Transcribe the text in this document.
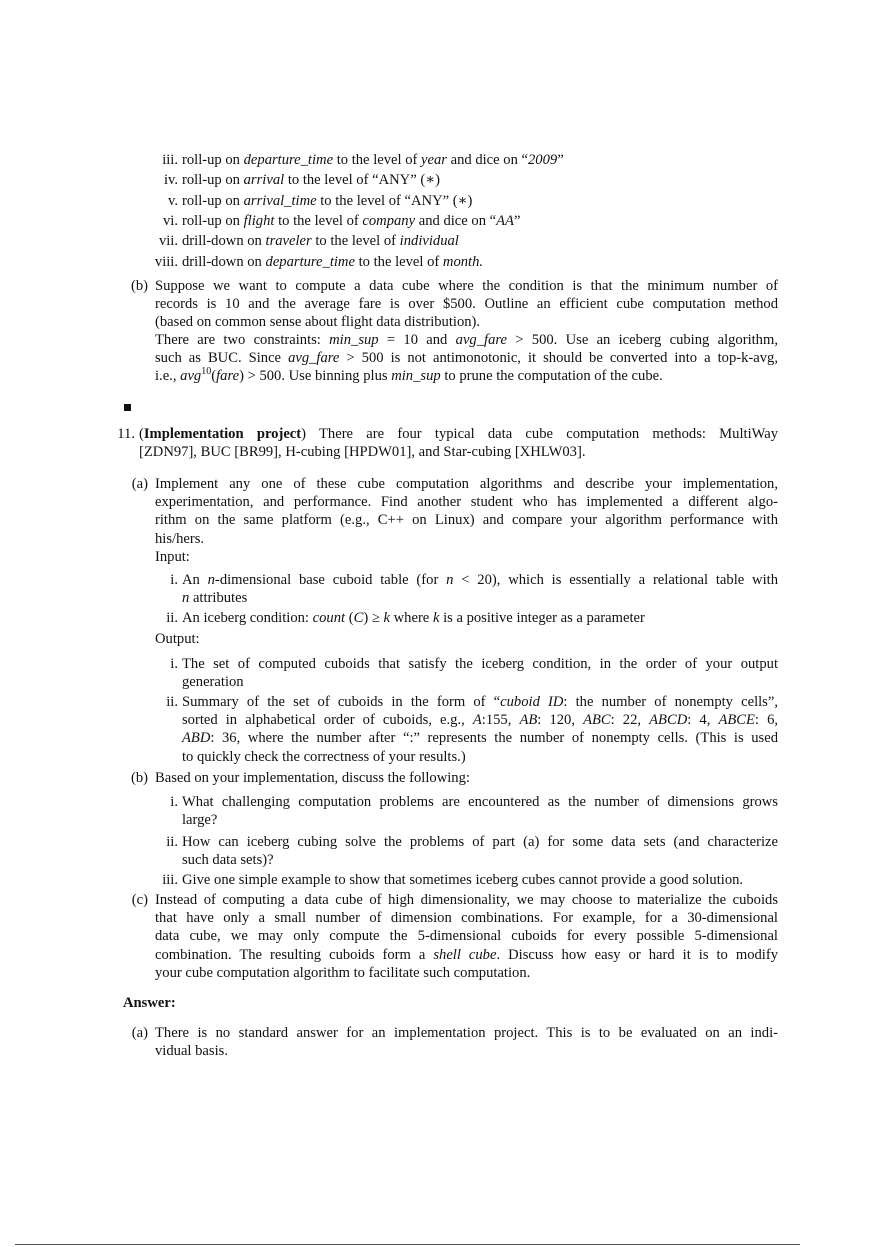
iii. roll-up on departure_time to the level of year and dice on “2009”
iv. roll-up on arrival to the level of “ANY” (∗)
v. roll-up on arrival_time to the level of “ANY” (∗)
vi. roll-up on flight to the level of company and dice on “AA”
vii. drill-down on traveler to the level of individual
viii. drill-down on departure_time to the level of month.
(b) Suppose we want to compute a data cube where the condition is that the minimum number of
records is 10 and the average fare is over $500. Outline an efficient cube computation method
(based on common sense about flight data distribution).
There are two constraints: min_sup = 10 and avg_fare > 500. Use an iceberg cubing algorithm,
such as BUC. Since avg_fare > 500 is not antimonotonic, it should be converted into a top-k-avg,
i.e., avg$^{10}$(fare) > 500. Use binning plus min_sup to prune the computation of the cube.
11. (Implementation project) There are four typical data cube computation methods: MultiWay
[ZDN97], BUC [BR99], H-cubing [HPDW01], and Star-cubing [XHLW03].
(a) Implement any one of these cube computation algorithms and describe your implementation,
experimentation, and performance. Find another student who has implemented a different algo-
rithm on the same platform (e.g., C++ on Linux) and compare your algorithm performance with
his/hers.
Input:
i. An n-dimensional base cuboid table (for n < 20), which is essentially a relational table with
n attributes
ii. An iceberg condition: count (C) ≥ k where k is a positive integer as a parameter
Output:
i. The set of computed cuboids that satisfy the iceberg condition, in the order of your output
generation
ii. Summary of the set of cuboids in the form of “cuboid ID: the number of nonempty cells”,
sorted in alphabetical order of cuboids, e.g., A:155, AB: 120, ABC: 22, ABCD: 4, ABCE: 6,
ABD: 36, where the number after “:” represents the number of nonempty cells. (This is used
to quickly check the correctness of your results.)
(b) Based on your implementation, discuss the following:
i. What challenging computation problems are encountered as the number of dimensions grows
large?
ii. How can iceberg cubing solve the problems of part (a) for some data sets (and characterize
such data sets)?
iii. Give one simple example to show that sometimes iceberg cubes cannot provide a good solution.
(c) Instead of computing a data cube of high dimensionality, we may choose to materialize the cuboids
that have only a small number of dimension combinations. For example, for a 30-dimensional
data cube, we may only compute the 5-dimensional cuboids for every possible 5-dimensional
combination. The resulting cuboids form a shell cube. Discuss how easy or hard it is to modify
your cube computation algorithm to facilitate such computation.
Answer:
(a) There is no standard answer for an implementation project. This is to be evaluated on an indi-
vidual basis.
